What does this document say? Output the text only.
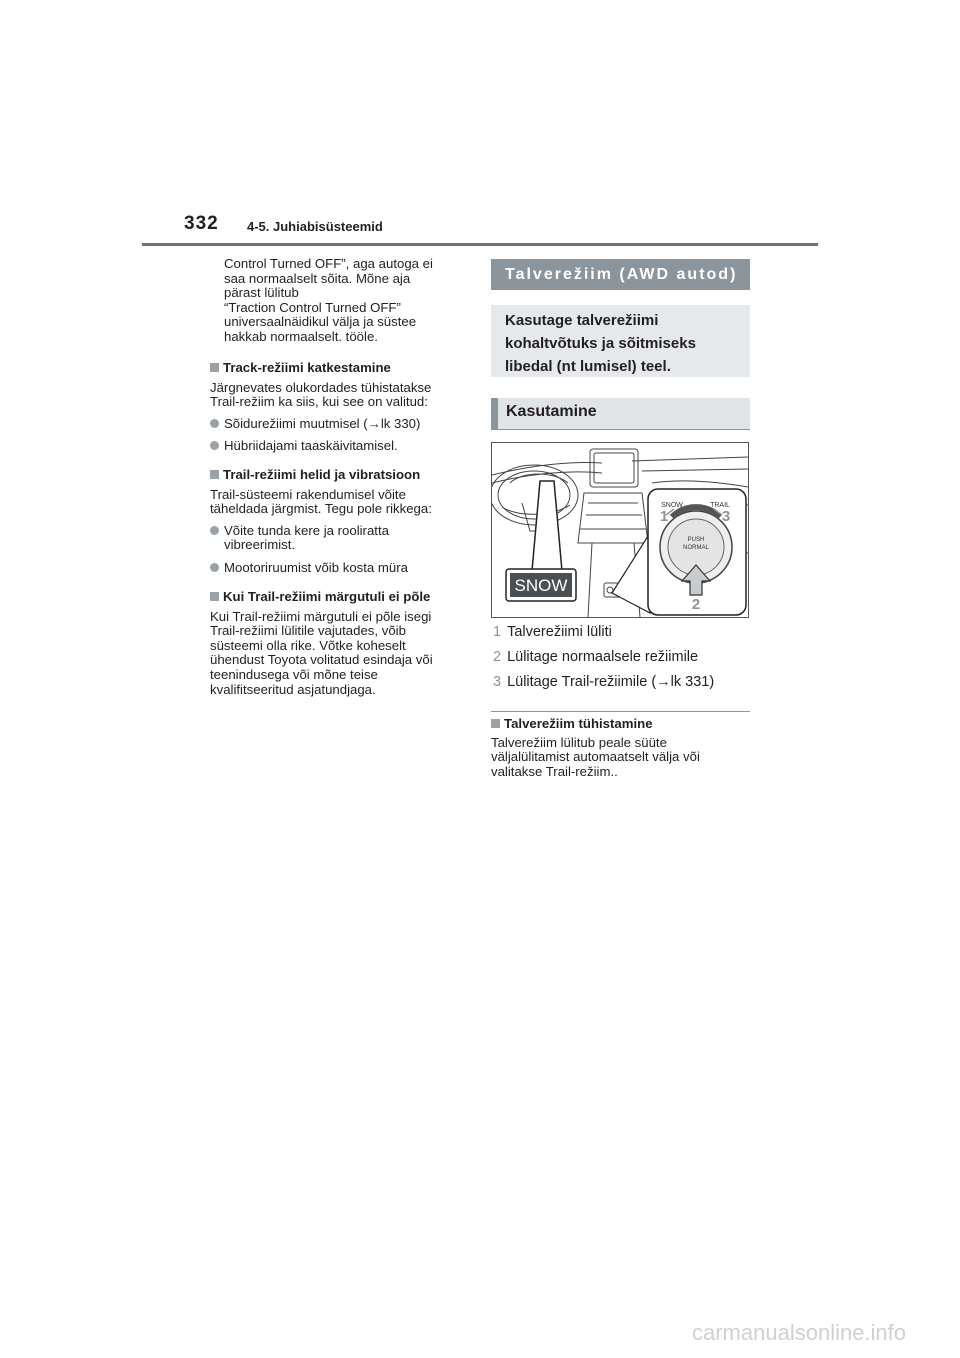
332 4-5. Juhiabisüsteemid

Control Turned OFF”, aga autoga ei

saa normaalselt sõita. Mõne aja

pärast lülitub

“Traction Control Turned OFF”

universaalnäidikul välja ja süstee

hakkab normaalselt. tööle.

Track-režiimi katkestamine

Järgnevates olukordades tühistatakse

Trail-režiim ka siis, kui see on valitud:

Sõidurežiimi muutmisel (→lk 330)
Hübriidajami taaskäivitamisel.
Trail-režiimi helid ja vibratsioon

Trail-süsteemi rakendumisel võite

täheldada järgmist. Tegu pole rikkega:

Võite tunda kere ja rooliratta
vibreerimist.
Mootoriruumist võib kosta müra
Kui Trail-režiimi märgutuli ei põle

Kui Trail-režiimi märgutuli ei põle isegi

Trail-režiimi lülitile vajutades, võib

süsteemi olla rike. Võtke koheselt

ühendust Toyota volitatud esindaja või

teenindusega või mõne teise

kvalifitseeritud asjatundjaga.

Talverežiim (AWD autod)
Kasutage talverežiimi
kohaltvõtuks ja sõitmiseks
libedal (nt lumisel) teel.
Kasutamine
SNOW
SNOW	TRAIL
1	3
PUSH
NORMAL
2
1 Talverežiimi lüliti
2 Lülitage normaalsele režiimile
3 Lülitage Trail-režiimile (→lk 331)
Talverežiim tühistamine

Talverežiim lülitub peale süüte

väljalülitamist automaatselt välja või

valitakse Trail-režiim..

carmanualsonline.info
